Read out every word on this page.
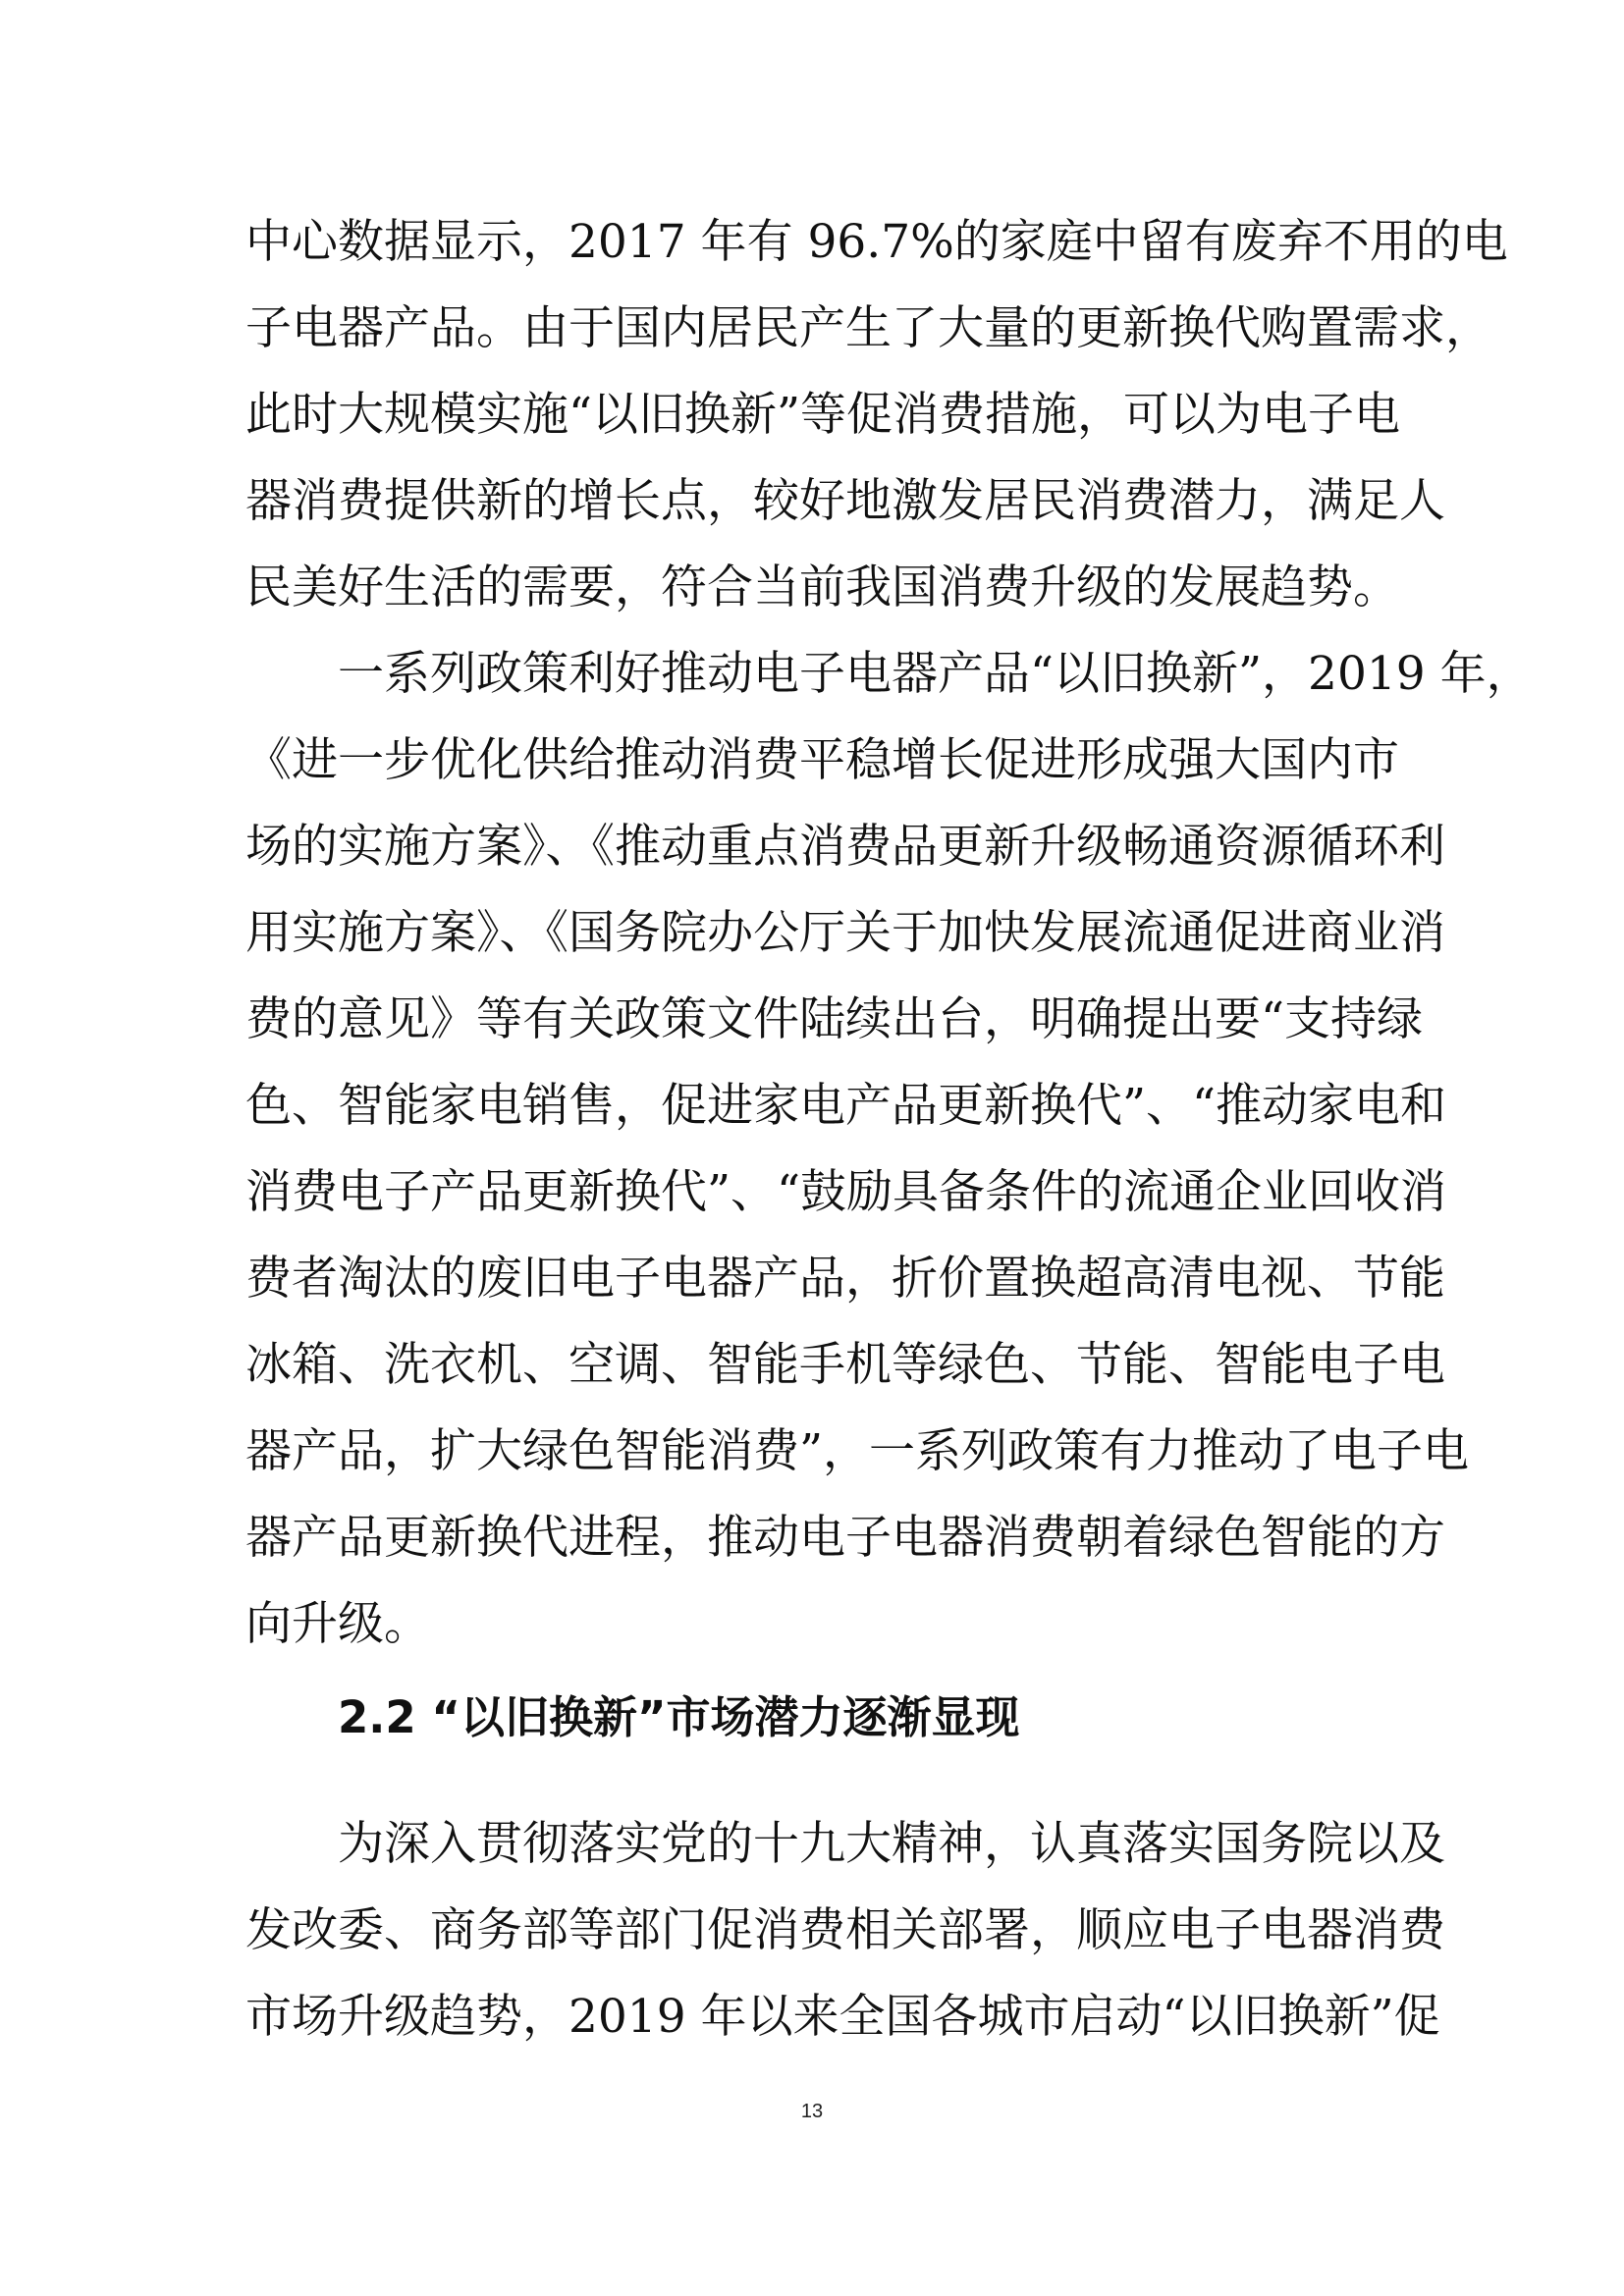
中心数据显示，2017 年有 96.7%的家庭中留有废弃不用的电
子电器产品。由于国内居民产生了大量的更新换代购置需求，
此时大规模实施“以旧换新”等促消费措施，可以为电子电
器消费提供新的增长点，较好地激发居民消费潜力，满足人
民美好生活的需要，符合当前我国消费升级的发展趋势。
一系列政策利好推动电子电器产品“以旧换新”，2019 年，
《进一步优化供给推动消费平稳增长促进形成强大国内市
场的实施方案》、《推动重点消费品更新升级畅通资源循环利
用实施方案》、《国务院办公厅关于加快发展流通促进商业消
费的意见》等有关政策文件陆续出台，明确提出要“支持绿
色、智能家电销售，促进家电产品更新换代”、“推动家电和
消费电子产品更新换代”、“鼓励具备条件的流通企业回收消
费者淘汰的废旧电子电器产品，折价置换超高清电视、节能
冰箱、洗衣机、空调、智能手机等绿色、节能、智能电子电
器产品，扩大绿色智能消费”，一系列政策有力推动了电子电
器产品更新换代进程，推动电子电器消费朝着绿色智能的方
向升级。
2.2 “以旧换新”市场潜力逐渐显现
为深入贯彻落实党的十九大精神，认真落实国务院以及
发改委、商务部等部门促消费相关部署，顺应电子电器消费
市场升级趋势，2019 年以来全国各城市启动“以旧换新”促
13
